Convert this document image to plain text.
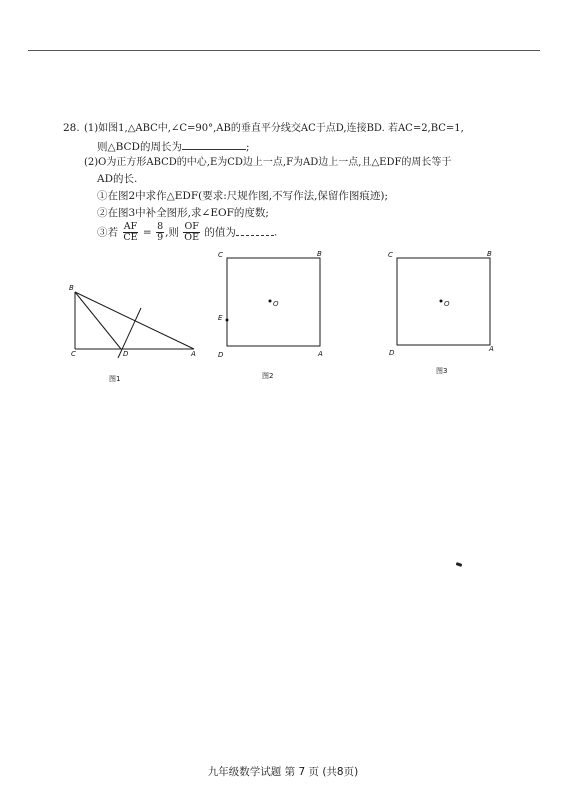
28. (1)如图1,△ABC中,∠C=90°,AB的垂直平分线交AC于点D,连接BD. 若AC=2,BC=1,
则△BCD的周长为	;
(2)O为正方形ABCD的中心,E为CD边上一点,F为AD边上一点,且△EDF的周长等于
AD的长.
①在图2中求作△EDF(要求:尺规作图,不写作法,保留作图痕迹);
②在图3中补全图形,求∠EOF的度数;
③若 $\frac{AF}{CE} = \frac{8}{9}$ ,则 $\frac{OF}{OE}$ 的值为	.
B
C	D	A
图1
C	B
O
E
D	A
图2
C	B
O
D	A
图3
九年级数学试题 第 7 页 (共8页)
